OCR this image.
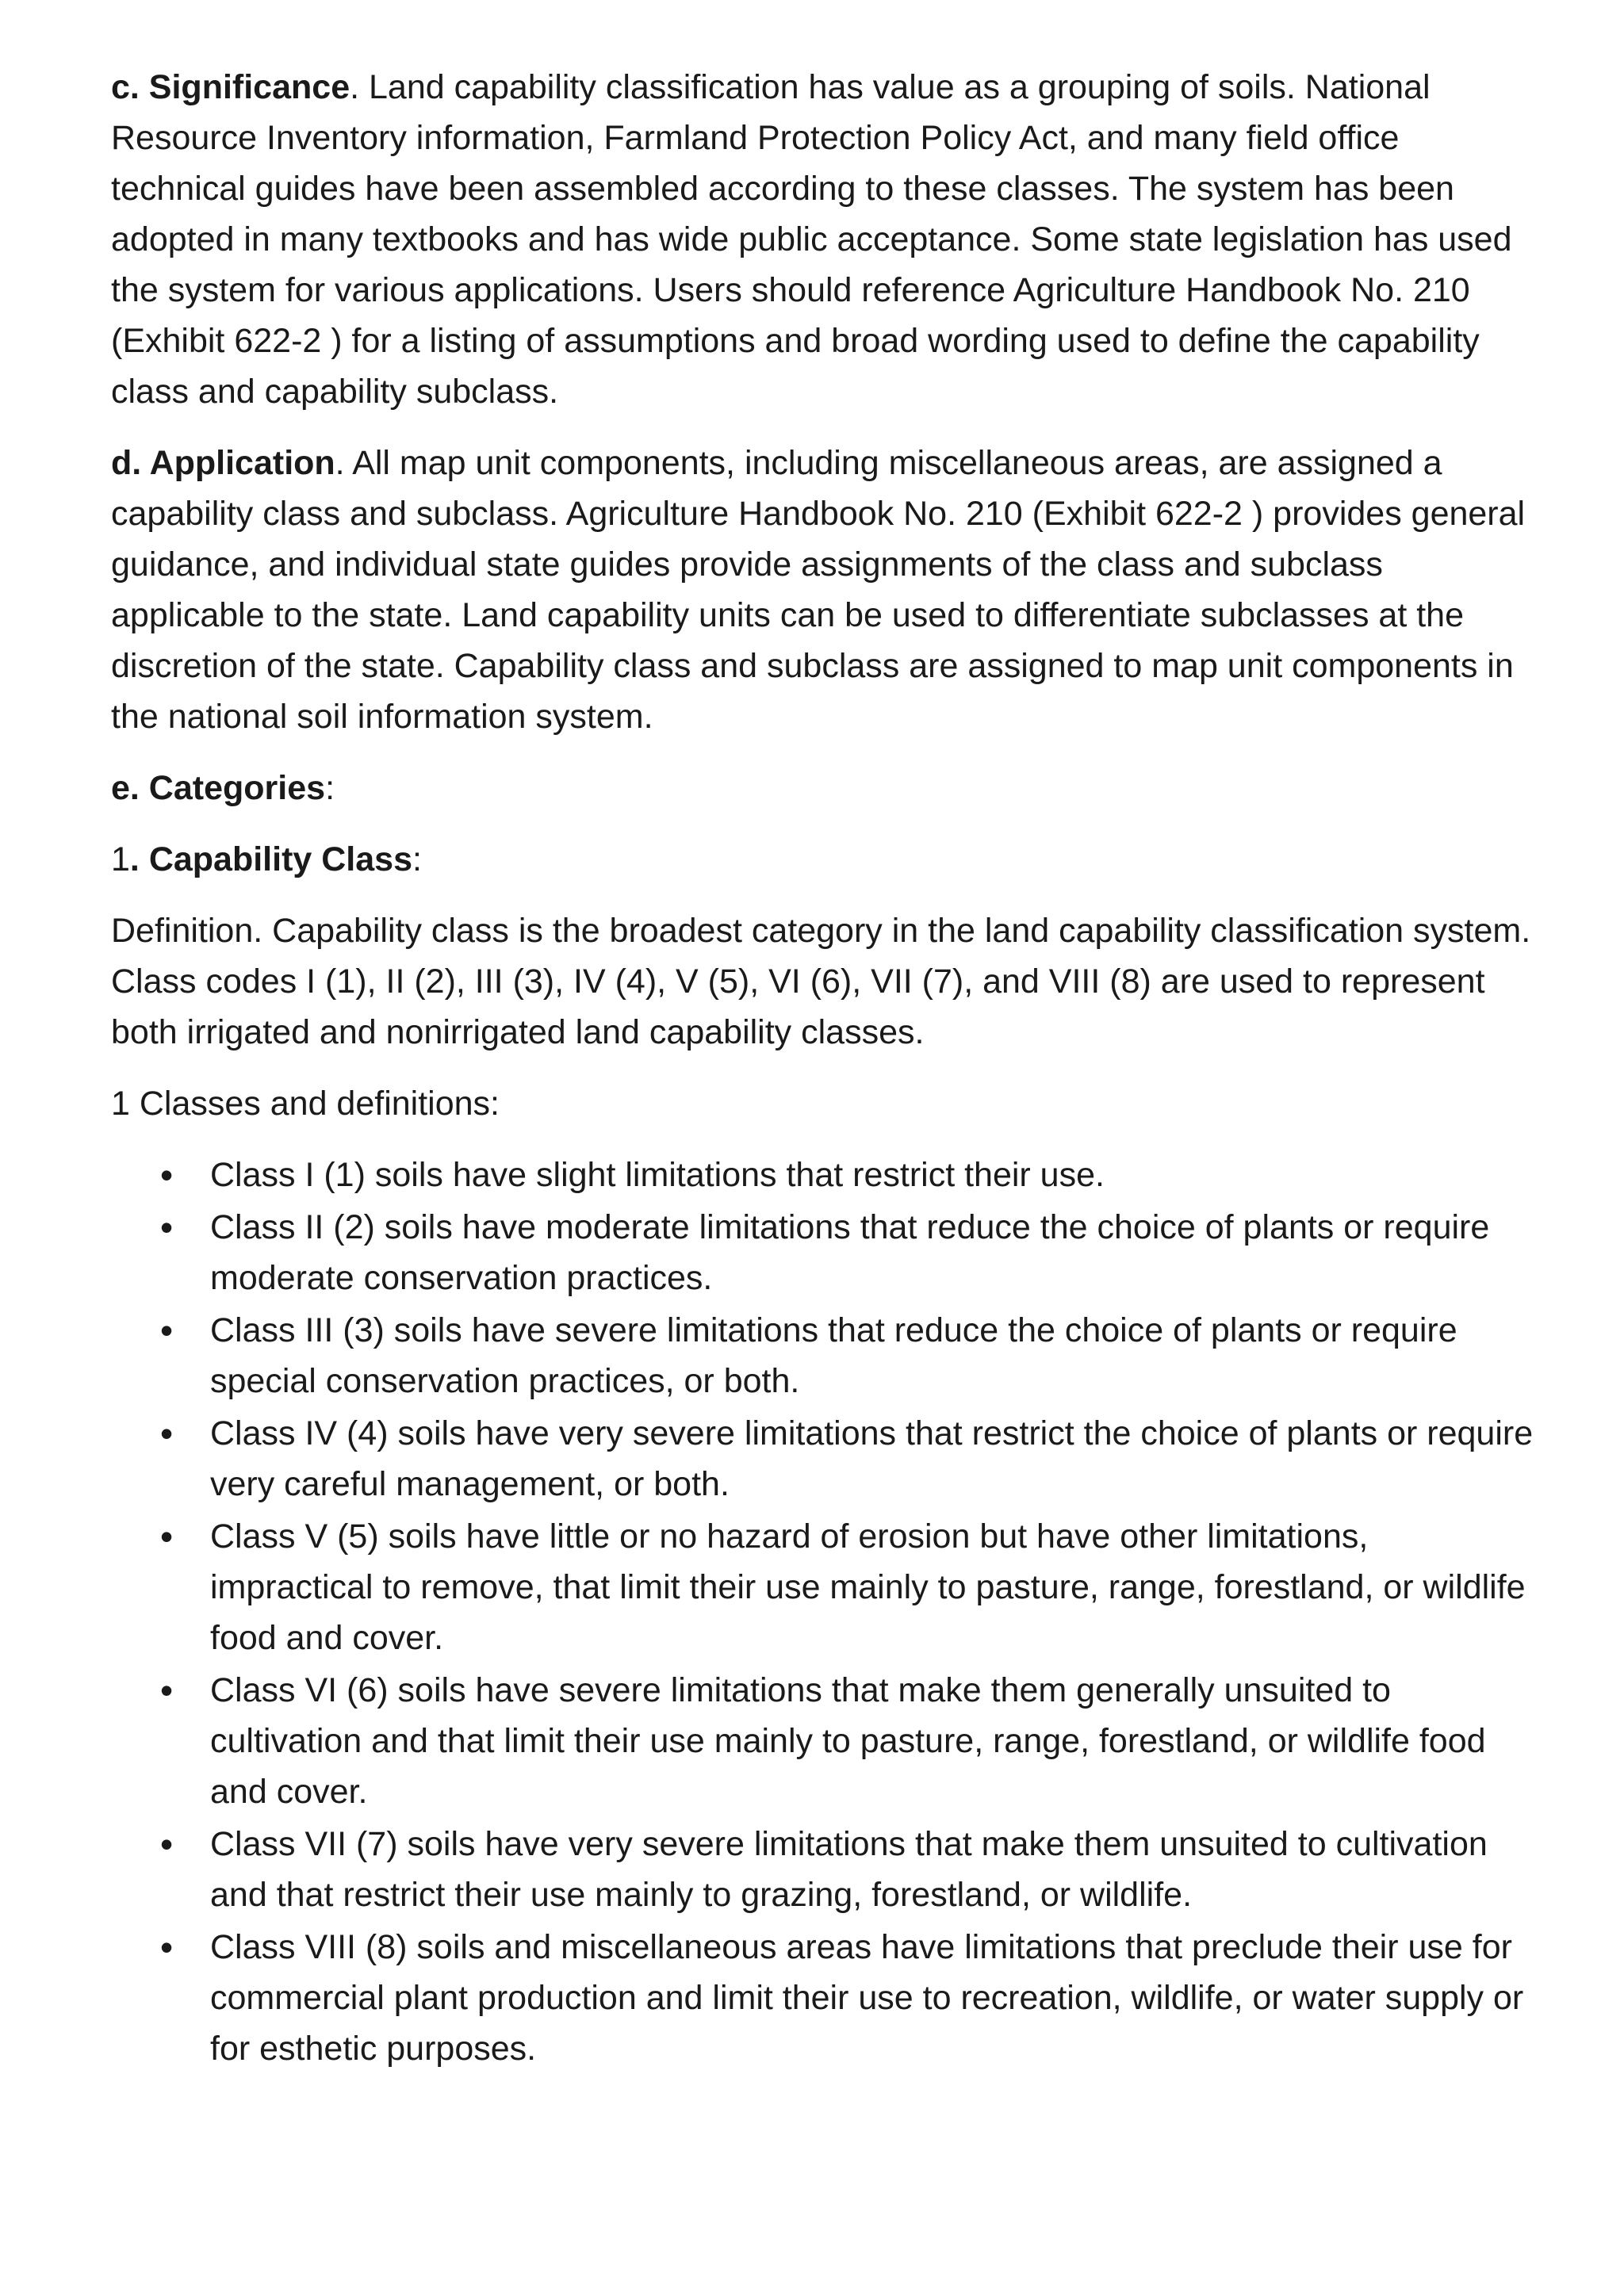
c. Significance. Land capability classification has value as a grouping of soils. National Resource Inventory information, Farmland Protection Policy Act, and many field office technical guides have been assembled according to these classes. The system has been adopted in many textbooks and has wide public acceptance. Some state legislation has used the system for various applications. Users should reference Agriculture Handbook No. 210 (Exhibit 622-2 ) for a listing of assumptions and broad wording used to define the capability class and capability subclass.

d. Application. All map unit components, including miscellaneous areas, are assigned a capability class and subclass. Agriculture Handbook No. 210 (Exhibit 622-2 ) provides general guidance, and individual state guides provide assignments of the class and subclass applicable to the state. Land capability units can be used to differentiate subclasses at the discretion of the state. Capability class and subclass are assigned to map unit components in the national soil information system.

e. Categories:

1. Capability Class:

Definition. Capability class is the broadest category in the land capability classification system. Class codes I (1), II (2), III (3), IV (4), V (5), VI (6), VII (7), and VIII (8) are used to represent both irrigated and nonirrigated land capability classes.

1 Classes and definitions:

• Class I (1) soils have slight limitations that restrict their use.
• Class II (2) soils have moderate limitations that reduce the choice of plants or require moderate conservation practices.
• Class III (3) soils have severe limitations that reduce the choice of plants or require special conservation practices, or both.
• Class IV (4) soils have very severe limitations that restrict the choice of plants or require very careful management, or both.
• Class V (5) soils have little or no hazard of erosion but have other limitations, impractical to remove, that limit their use mainly to pasture, range, forestland, or wildlife food and cover.
• Class VI (6) soils have severe limitations that make them generally unsuited to cultivation and that limit their use mainly to pasture, range, forestland, or wildlife food and cover.
• Class VII (7) soils have very severe limitations that make them unsuited to cultivation and that restrict their use mainly to grazing, forestland, or wildlife.
• Class VIII (8) soils and miscellaneous areas have limitations that preclude their use for commercial plant production and limit their use to recreation, wildlife, or water supply or for esthetic purposes.
